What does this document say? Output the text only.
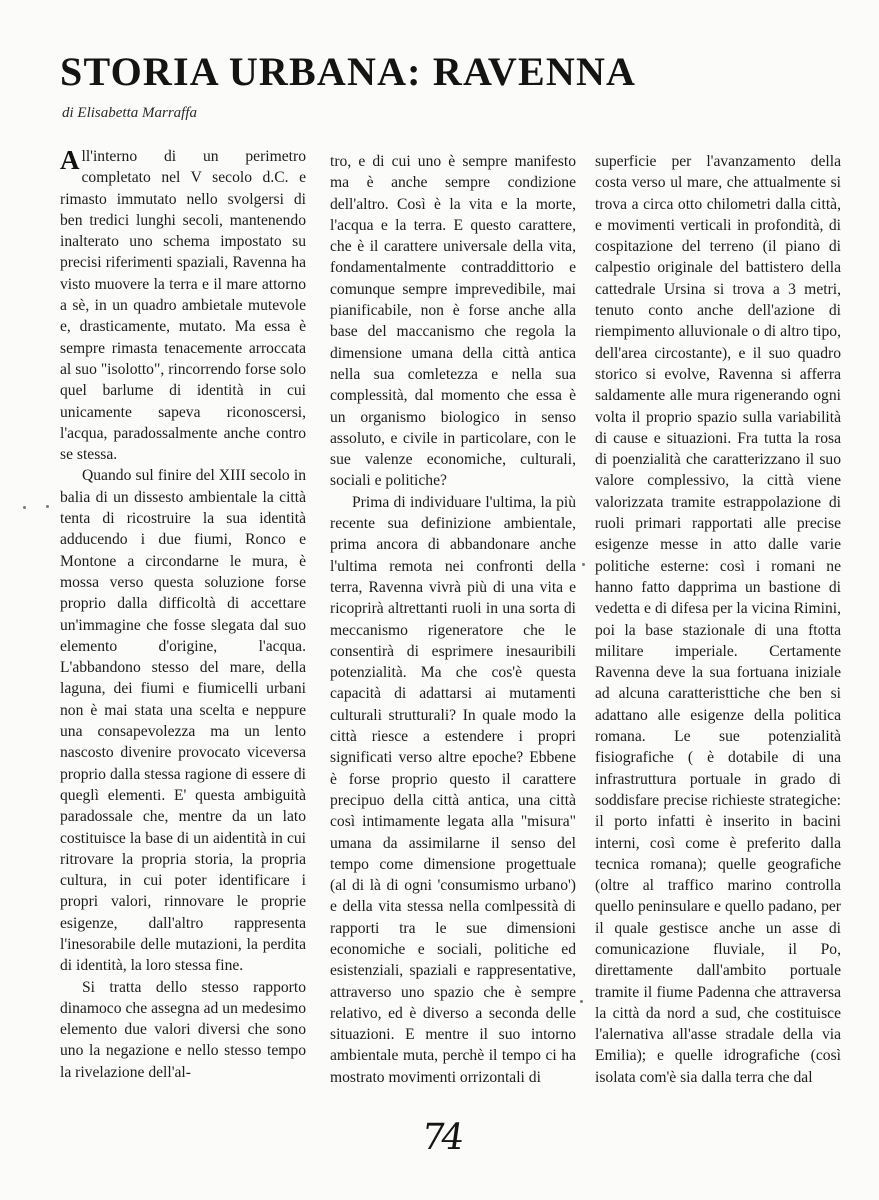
STORIA URBANA: RAVENNA

di Elisabetta Marraffa

All'interno di un perimetro completato nel V secolo d.C. e rimasto immutato nello svolgersi di ben tredici lunghi secoli, mantenendo inalterato uno schema impostato su precisi riferimenti spaziali, Ravenna ha visto muovere la terra e il mare attorno a sè, in un quadro ambietale mutevole e, drasticamente, mutato. Ma essa è sempre rimasta tenacemente arroccata al suo "isolotto", rincorrendo forse solo quel barlume di identità in cui unicamente sapeva riconoscersi, l'acqua, paradossalmente anche contro se stessa.

Quando sul finire del XIII secolo in balia di un dissesto ambientale la città tenta di ricostruire la sua identità adducendo i due fiumi, Ronco e Montone a circondarne le mura, è mossa verso questa soluzione forse proprio dalla difficoltà di accettare un'immagine che fosse slegata dal suo elemento d'origine, l'acqua. L'abbandono stesso del mare, della laguna, dei fiumi e fiumicelli urbani non è mai stata una scelta e neppure una consapevolezza ma un lento nascosto divenire provocato viceversa proprio dalla stessa ragione di essere di queglì elementi. E' questa ambiguità paradossale che, mentre da un lato costituisce la base di un aidentità in cui ritrovare la propria storia, la propria cultura, in cui poter identificare i propri valori, rinnovare le proprie esigenze, dall'altro rappresenta l'inesorabile delle mutazioni, la perdita di identità, la loro stessa fine.

Si tratta dello stesso rapporto dinamoco che assegna ad un medesimo elemento due valori diversi che sono uno la negazione e nello stesso tempo la rivelazione dell'al-

tro, e di cui uno è sempre manifesto ma è anche sempre condizione dell'altro. Così è la vita e la morte, l'acqua e la terra. E questo carattere, che è il carattere universale della vita, fondamentalmente contraddittorio e comunque sempre imprevedibile, mai pianificabile, non è forse anche alla base del maccanismo che regola la dimensione umana della città antica nella sua comletezza e nella sua complessità, dal momento che essa è un organismo biologico in senso assoluto, e civile in particolare, con le sue valenze economiche, culturali, sociali e politiche?

Prima di individuare l'ultima, la più recente sua definizione ambientale, prima ancora di abbandonare anche l'ultima remota nei confronti della terra, Ravenna vivrà più di una vita e ricoprirà altrettanti ruoli in una sorta di meccanismo rigeneratore che le consentirà di esprimere inesauribili potenzialità. Ma che cos'è questa capacità di adattarsi ai mutamenti culturali strutturali? In quale modo la città riesce a estendere i propri significati verso altre epoche? Ebbene è forse proprio questo il carattere precipuo della città antica, una città così intimamente legata alla "misura" umana da assimilarne il senso del tempo come dimensione progettuale (al di là di ogni 'consumismo urbano') e della vita stessa nella comlpessità di rapporti tra le sue dimensioni economiche e sociali, politiche ed esistenziali, spaziali e rappresentative, attraverso uno spazio che è sempre relativo, ed è diverso a seconda delle situazioni. E mentre il suo intorno ambientale muta, perchè il tempo ci ha mostrato movimenti orrizontali di

superficie per l'avanzamento della costa verso ul mare, che attualmente si trova a circa otto chilometri dalla città, e movimenti verticali in profondità, di cospitazione del terreno (il piano di calpestio originale del battistero della cattedrale Ursina si trova a 3 metri, tenuto conto anche dell'azione di riempimento alluvionale o di altro tipo, dell'area circostante), e il suo quadro storico si evolve, Ravenna si afferra saldamente alle mura rigenerando ogni volta il proprio spazio sulla variabilità di cause e situazioni. Fra tutta la rosa di poenzialità che caratterizzano il suo valore complessivo, la città viene valorizzata tramite estrappolazione di ruoli primari rapportati alle precise esigenze messe in atto dalle varie politiche esterne: così i romani ne hanno fatto dapprima un bastione di vedetta e di difesa per la vicina Rimini, poi la base stazionale di una ftotta militare imperiale. Certamente Ravenna deve la sua fortuana iniziale ad alcuna caratteristtiche che ben si adattano alle esigenze della politica romana. Le sue potenzialità fisiografiche ( è dotabile di una infrastruttura portuale in grado di soddisfare precise richieste strategiche: il porto infatti è inserito in bacini interni, così come è preferito dalla tecnica romana); quelle geografiche (oltre al traffico marino controlla quello peninsulare e quello padano, per il quale gestisce anche un asse di comunicazione fluviale, il Po, direttamente dall'ambito portuale tramite il fiume Padenna che attraversa la città da nord a sud, che costituisce l'alernativa all'asse stradale della via Emilia); e quelle idrografiche (così isolata com'è sia dalla terra che dal

74
